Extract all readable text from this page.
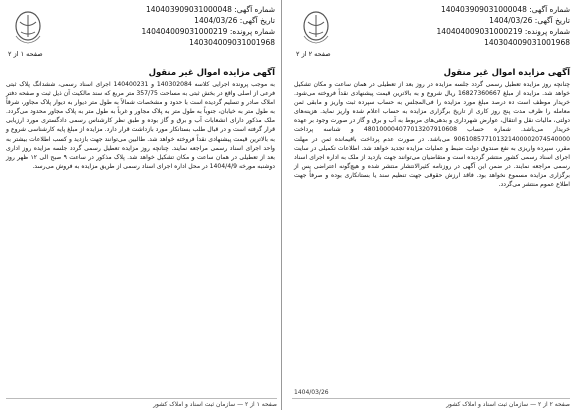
شماره آگهی: 140403909031000048
تاریخ آگهی: 1404/03/26
شماره پرونده: 140404009031000219
140304009031001968
صفحه ۱ از ۲
آگهی مزایده اموال غیر منقول

به موجب پرونده اجرایی کلاسه 140302084 و 140400231 اجرای اسناد رسمی، ششدانگ پلاک ثبتی فرعی از اصلی واقع در بخش ثبتی به مساحت 357/75 متر مربع که سند مالکیت آن ذیل ثبت و صفحه دفتر املاک صادر و تسلیم گردیده است با حدود و مشخصات شمالاً به طول متر دیوار به دیوار پلاک مجاور، شرقاً به طول متر به خیابان، جنوباً به طول متر به پلاک مجاور و غرباً به طول متر به پلاک مجاور محدود می‌گردد. ملک مذکور دارای انشعابات آب و برق و گاز بوده و طبق نظر کارشناس رسمی دادگستری مورد ارزیابی قرار گرفته است و در قبال طلب بستانکار مورد بازداشت قرار دارد. مزایده از مبلغ پایه کارشناسی شروع و به بالاترین قیمت پیشنهادی نقداً فروخته خواهد شد. طالبین می‌توانند جهت بازدید و کسب اطلاعات بیشتر به واحد اجرای اسناد رسمی مراجعه نمایند. چنانچه روز مزایده تعطیل رسمی گردد جلسه مزایده روز اداری بعد از تعطیلی در همان ساعت و مکان تشکیل خواهد شد. پلاک مذکور در ساعت ۹ صبح الی ۱۲ ظهر روز دوشنبه مورخه 1404/4/9 در محل اداره اجرای اسناد رسمی از طریق مزایده به فروش می‌رسد.

صفحه ۱ از ۲ — سازمان ثبت اسناد و املاک کشور
شماره آگهی: 140403909031000048
تاریخ آگهی: 1404/03/26
شماره پرونده: 140404009031000219
140304009031001968
صفحه ۲ از ۲
آگهی مزایده اموال غیر منقول

چنانچه روز مزایده تعطیل رسمی گردد جلسه مزایده در روز بعد از تعطیلی در همان ساعت و مکان تشکیل خواهد شد. مزایده از مبلغ 16827360667 ریال شروع و به بالاترین قیمت پیشنهادی نقداً فروخته می‌شود. خریدار موظف است ده درصد مبلغ مورد مزایده را فی‌المجلس به حساب سپرده ثبت واریز و مابقی ثمن معامله را ظرف مدت پنج روز کاری از تاریخ برگزاری مزایده به حساب اعلام شده واریز نماید. هزینه‌های دولتی، مالیات نقل و انتقال، عوارض شهرداری و بدهی‌های مربوط به آب و برق و گاز در صورت وجود بر عهده خریدار می‌باشد. شماره حساب 480100004077013207910608 و شناسه پرداخت 906108577101321400002074540000 می‌باشد. در صورت عدم پرداخت باقیمانده ثمن در مهلت مقرر، سپرده واریزی به نفع صندوق دولت ضبط و عملیات مزایده تجدید خواهد شد. اطلاعات تکمیلی در سایت اجرای اسناد رسمی کشور منتشر گردیده است و متقاضیان می‌توانند جهت بازدید از ملک به اداره اجرای اسناد رسمی مراجعه نمایند. در ضمن این آگهی در روزنامه کثیرالانتشار منتشر شده و هیچ‌گونه اعتراضی پس از برگزاری مزایده مسموع نخواهد بود. فاقد ارزش حقوقی جهت تنظیم سند یا بستانکاری بوده و صرفاً جهت اطلاع عموم منتشر می‌گردد.

1404/03/26
صفحه ۲ از ۲ — سازمان ثبت اسناد و املاک کشور
